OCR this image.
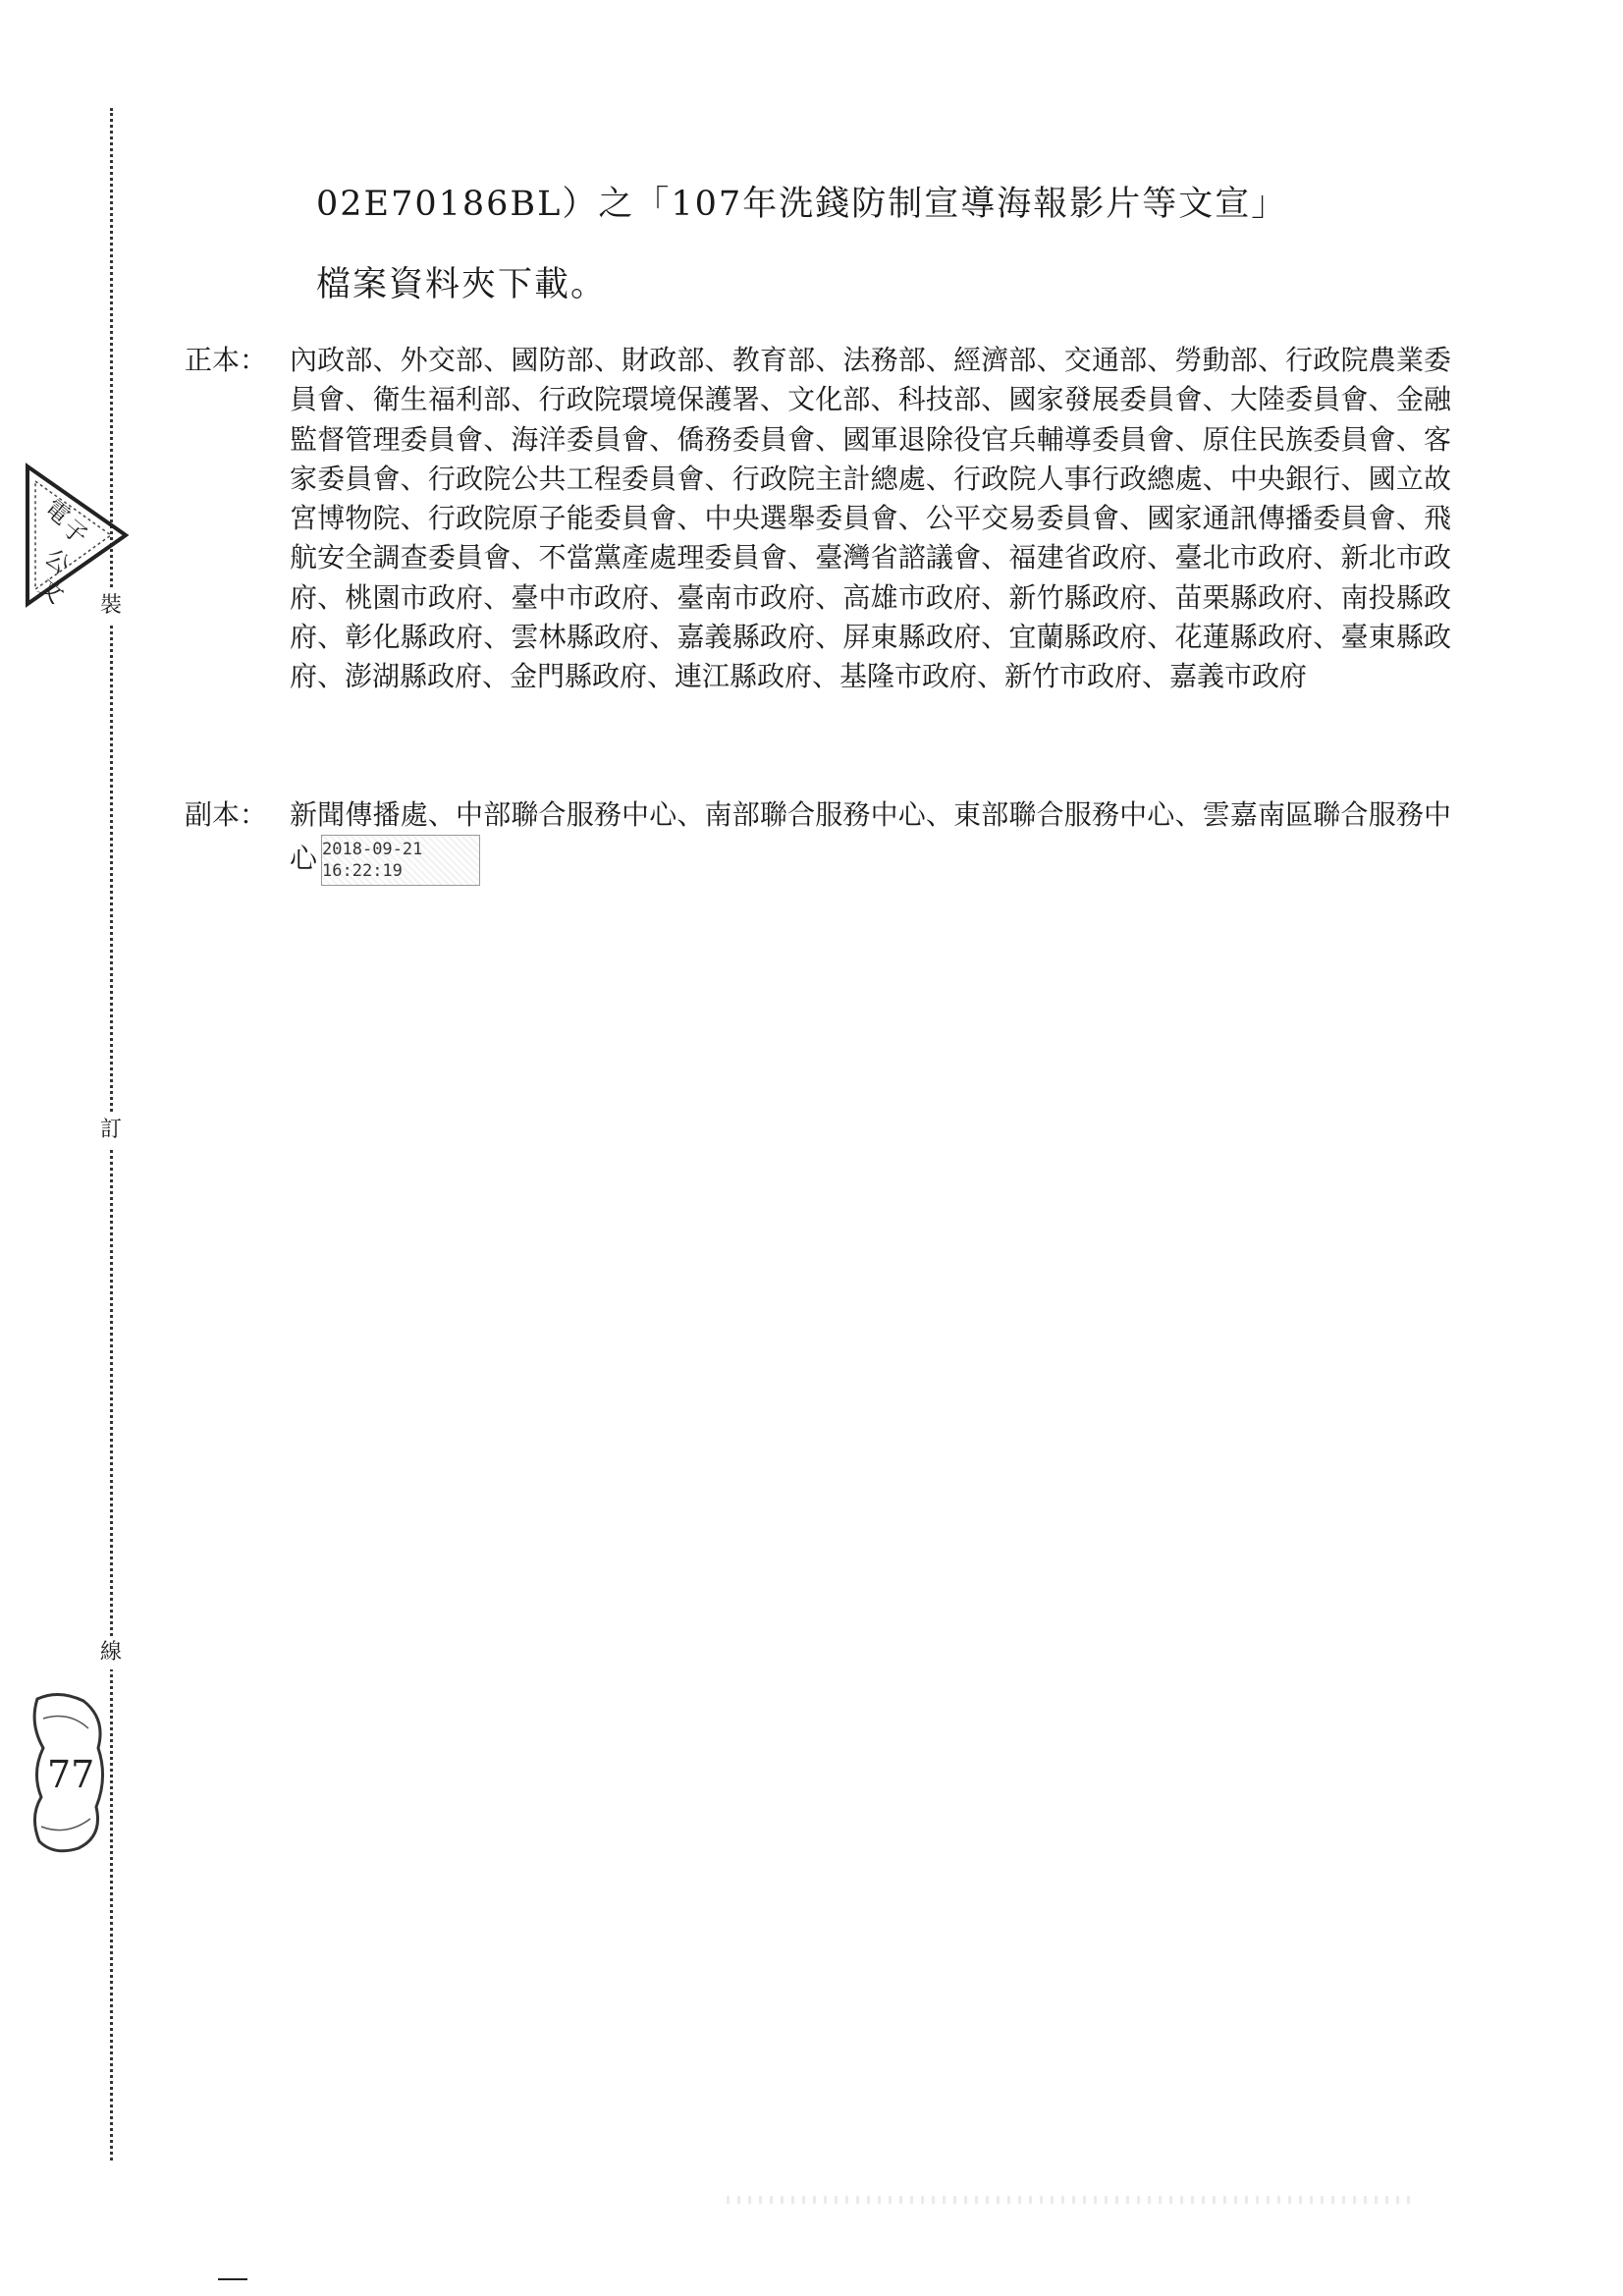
裝
訂
線
電
子
公
文
77
02E70186BL）之「107年洗錢防制宣導海報影片等文宣」
檔案資料夾下載。
正本： 內政部、外交部、國防部、財政部、教育部、法務部、經濟部、交通部、勞動部、行政院農業委員會、衛生福利部、行政院環境保護署、文化部、科技部、國家發展委員會、大陸委員會、金融監督管理委員會、海洋委員會、僑務委員會、國軍退除役官兵輔導委員會、原住民族委員會、客家委員會、行政院公共工程委員會、行政院主計總處、行政院人事行政總處、中央銀行、國立故宮博物院、行政院原子能委員會、中央選舉委員會、公平交易委員會、國家通訊傳播委員會、飛航安全調查委員會、不當黨產處理委員會、臺灣省諮議會、福建省政府、臺北市政府、新北市政府、桃園市政府、臺中市政府、臺南市政府、高雄市政府、新竹縣政府、苗栗縣政府、南投縣政府、彰化縣政府、雲林縣政府、嘉義縣政府、屏東縣政府、宜蘭縣政府、花蓮縣政府、臺東縣政府、澎湖縣政府、金門縣政府、連江縣政府、基隆市政府、新竹市政府、嘉義市政府
副本： 新聞傳播處、中部聯合服務中心、南部聯合服務中心、東部聯合服務中心、雲嘉南區聯合服務中心 2018-09-21
16:22:19
